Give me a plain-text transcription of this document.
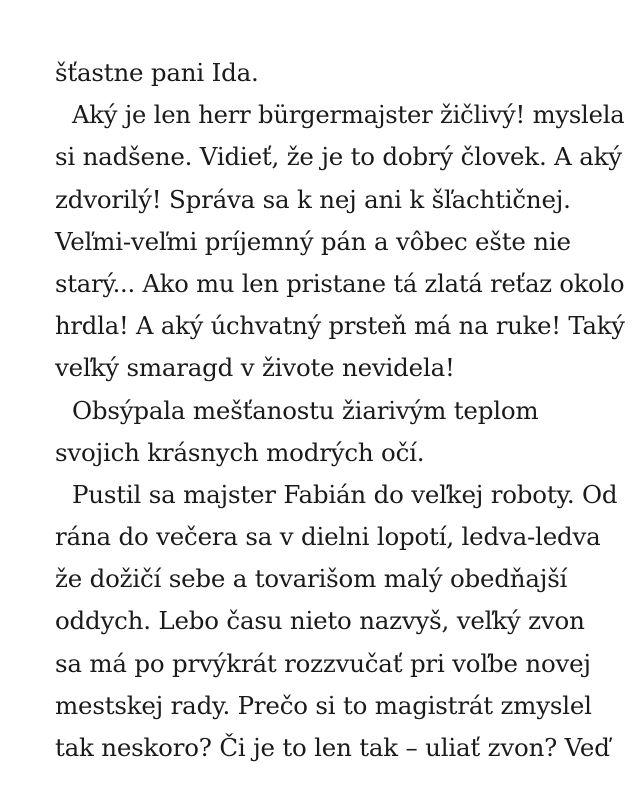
šťastne pani Ida.
Aký je len herr bürgermajster žičlivý! myslela
si nadšene. Vidieť, že je to dobrý človek. A aký
zdvorilý! Správa sa k nej ani k šľachtičnej.
Veľmi-veľmi príjemný pán a vôbec ešte nie
starý... Ako mu len pristane tá zlatá reťaz okolo
hrdla! A aký úchvatný prsteň má na ruke! Taký
veľký smaragd v živote nevidela!
Obsýpala mešťanostu žiarivým teplom
svojich krásnych modrých očí.
Pustil sa majster Fabián do veľkej roboty. Od
rána do večera sa v dielni lopotí, ledva-ledva
že dožičí sebe a tovarišom malý obedňajší
oddych. Lebo času nieto nazvyš, veľký zvon
sa má po prvýkrát rozzvučať pri voľbe novej
mestskej rady. Prečo si to magistrát zmyslel
tak neskoro? Či je to len tak – uliať zvon? Veď
